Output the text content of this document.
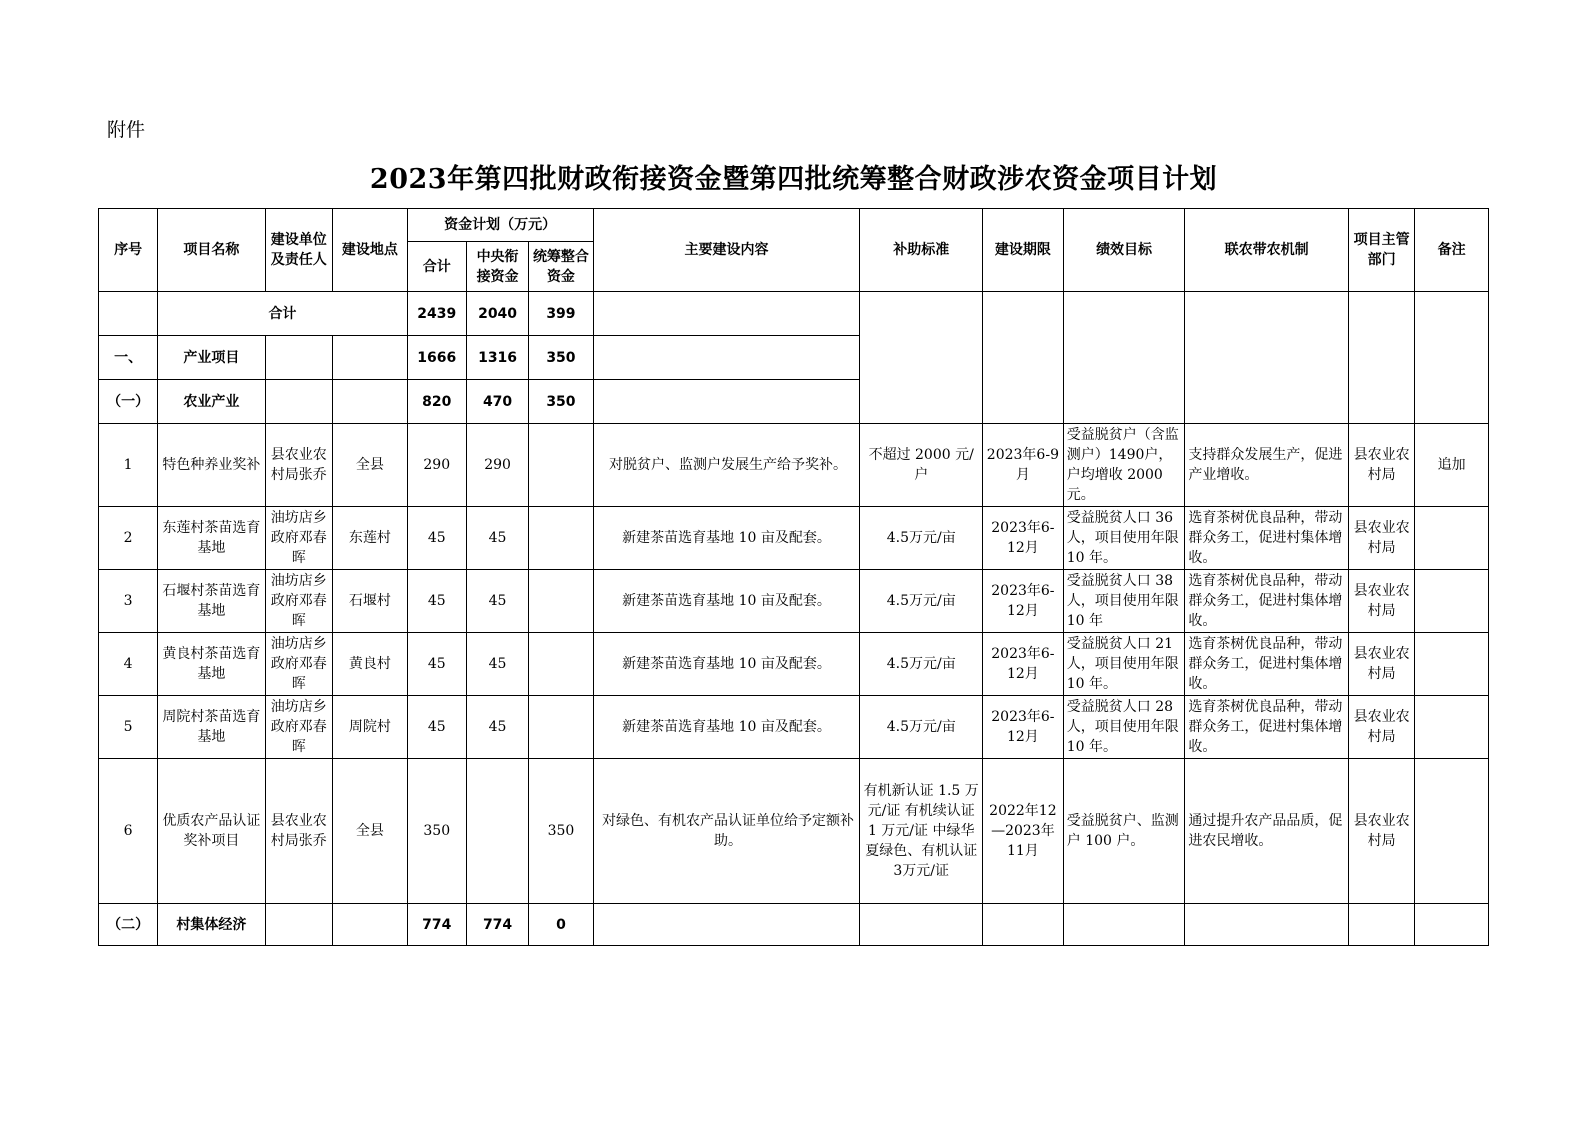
附件
2023年第四批财政衔接资金暨第四批统筹整合财政涉农资金项目计划
序号	项目名称	建设单位及责任人	建设地点	资金计划（万元）			主要建设内容	补助标准	建设期限	绩效目标	联农带农机制	项目主管部门	备注
				合计	中央衔接资金	统筹整合资金							
	合计			2439	2040	399							
一、	产业项目			1666	1316	350							
（一）	农业产业			820	470	350							
1	特色种养业奖补	县农业农村局张乔	全县	290	290		对脱贫户、监测户发展生产给予奖补。	不超过 2000 元/户	2023年6-9月	受益脱贫户（含监测户）1490户，户均增收 2000 元。	支持群众发展生产，促进产业增收。	县农业农村局	追加
2	东莲村茶苗选育基地	油坊店乡政府邓春晖	东莲村	45	45		新建茶苗选育基地 10 亩及配套。	4.5万元/亩	2023年6-12月	受益脱贫人口 36 人，项目使用年限 10 年。	选育茶树优良品种，带动群众务工，促进村集体增收。	县农业农村局	
3	石堰村茶苗选育基地	油坊店乡政府邓春晖	石堰村	45	45		新建茶苗选育基地 10 亩及配套。	4.5万元/亩	2023年6-12月	受益脱贫人口 38 人，项目使用年限 10 年	选育茶树优良品种，带动群众务工，促进村集体增收。	县农业农村局	
4	黄良村茶苗选育基地	油坊店乡政府邓春晖	黄良村	45	45		新建茶苗选育基地 10 亩及配套。	4.5万元/亩	2023年6-12月	受益脱贫人口 21 人，项目使用年限 10 年。	选育茶树优良品种，带动群众务工，促进村集体增收。	县农业农村局	
5	周院村茶苗选育基地	油坊店乡政府邓春晖	周院村	45	45		新建茶苗选育基地 10 亩及配套。	4.5万元/亩	2023年6-12月	受益脱贫人口 28 人，项目使用年限 10 年。	选育茶树优良品种，带动群众务工，促进村集体增收。	县农业农村局	
6	优质农产品认证奖补项目	县农业农村局张乔	全县	350		350	对绿色、有机农产品认证单位给予定额补助。	有机新认证 1.5 万元/证 有机续认证 1 万元/证 中绿华夏绿色、有机认证3万元/证	2022年12—2023年11月	受益脱贫户、监测户 100 户。	通过提升农产品品质，促进农民增收。	县农业农村局	
（二）	村集体经济			774	774	0							
